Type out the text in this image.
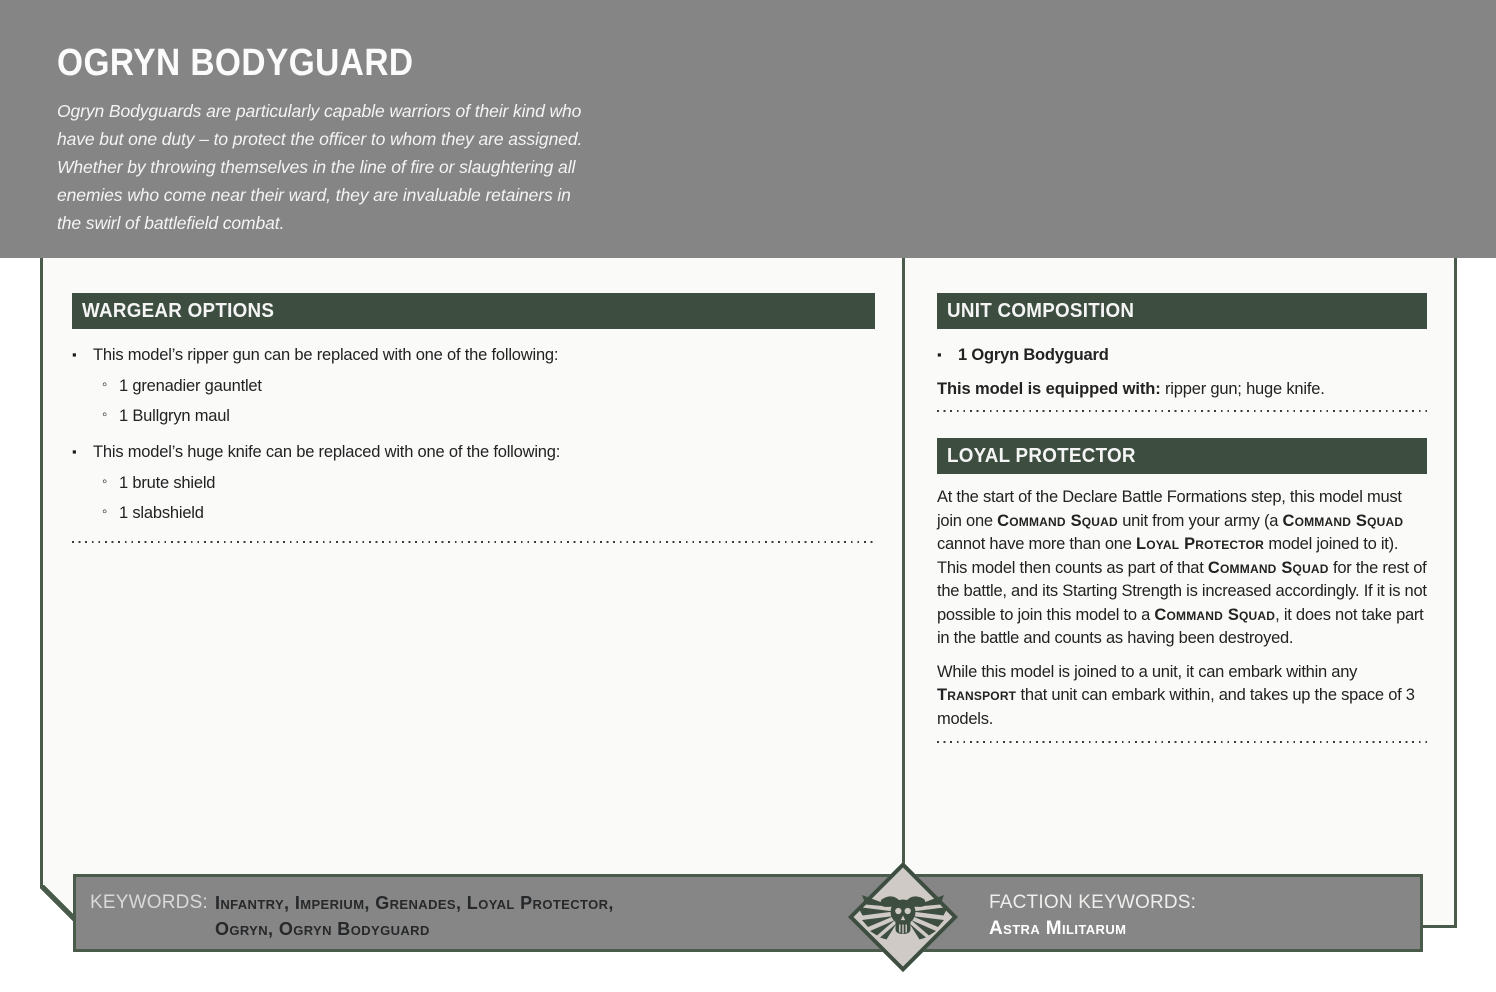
OGRYN BODYGUARD
Ogryn Bodyguards are particularly capable warriors of their kind who
have but one duty – to protect the officer to whom they are assigned.
Whether by throwing themselves in the line of fire or slaughtering all
enemies who come near their ward, they are invaluable retainers in
the swirl of battlefield combat.
WARGEAR OPTIONS
▪ This model’s ripper gun can be replaced with one of the following:
◦ 1 grenadier gauntlet
◦ 1 Bullgryn maul
▪ This model’s huge knife can be replaced with one of the following:
◦ 1 brute shield
◦ 1 slabshield
UNIT COMPOSITION
▪ 1 Ogryn Bodyguard

This model is equipped with: ripper gun; huge knife.

LOYAL PROTECTOR

At the start of the Declare Battle Formations step, this model must join one Command Squad unit from your army (a Command Squad cannot have more than one Loyal Protector model joined to it). This model then counts as part of that Command Squad for the rest of the battle, and its Starting Strength is increased accordingly. If it is not possible to join this model to a Command Squad, it does not take part in the battle and counts as having been destroyed.

While this model is joined to a unit, it can embark within any Transport that unit can embark within, and takes up the space of 3 models.

KEYWORDS: Infantry, Imperium, Grenades, Loyal Protector,
Ogryn, Ogryn Bodyguard
FACTION KEYWORDS:
Astra Militarum
